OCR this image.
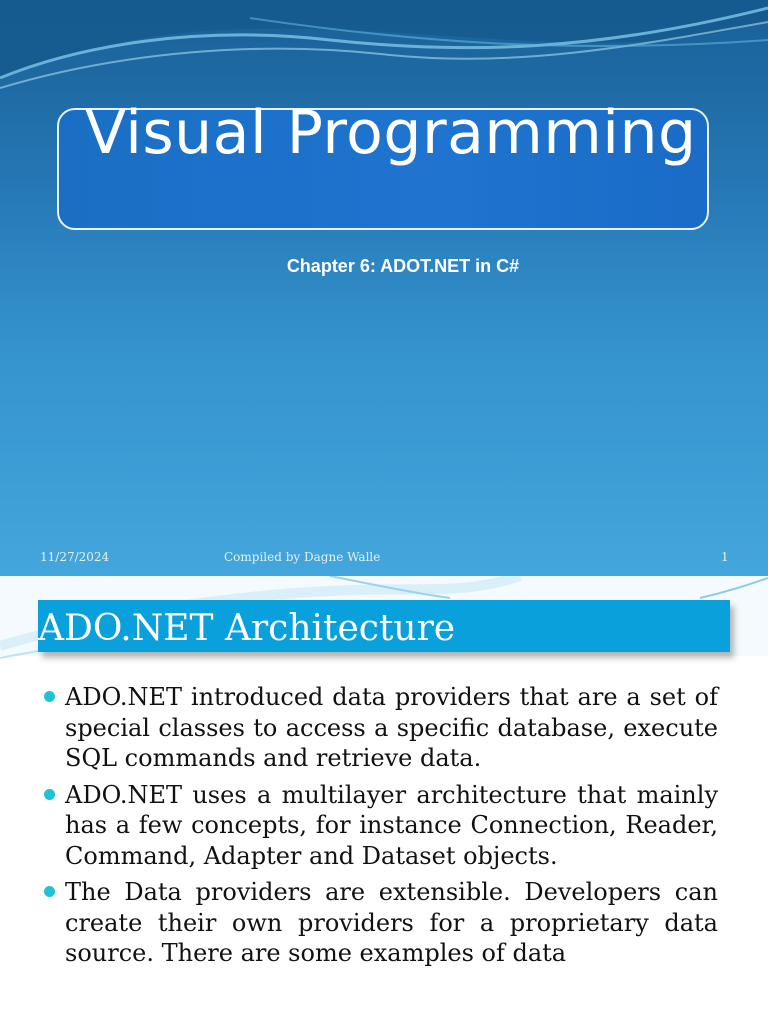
Visual Programming
Chapter 6: ADOT.NET in C#
11/27/2024	Compiled by Dagne Walle	1
ADO.NET Architecture
ADO.NET introduced data providers that are a set of special classes to access a specific database, execute SQL commands and retrieve data.
ADO.NET uses a multilayer architecture that mainly has a few concepts, for instance Connection, Reader, Command, Adapter and Dataset objects.
The Data providers are extensible. Developers can create their own providers for a proprietary data source. There are some examples of data
